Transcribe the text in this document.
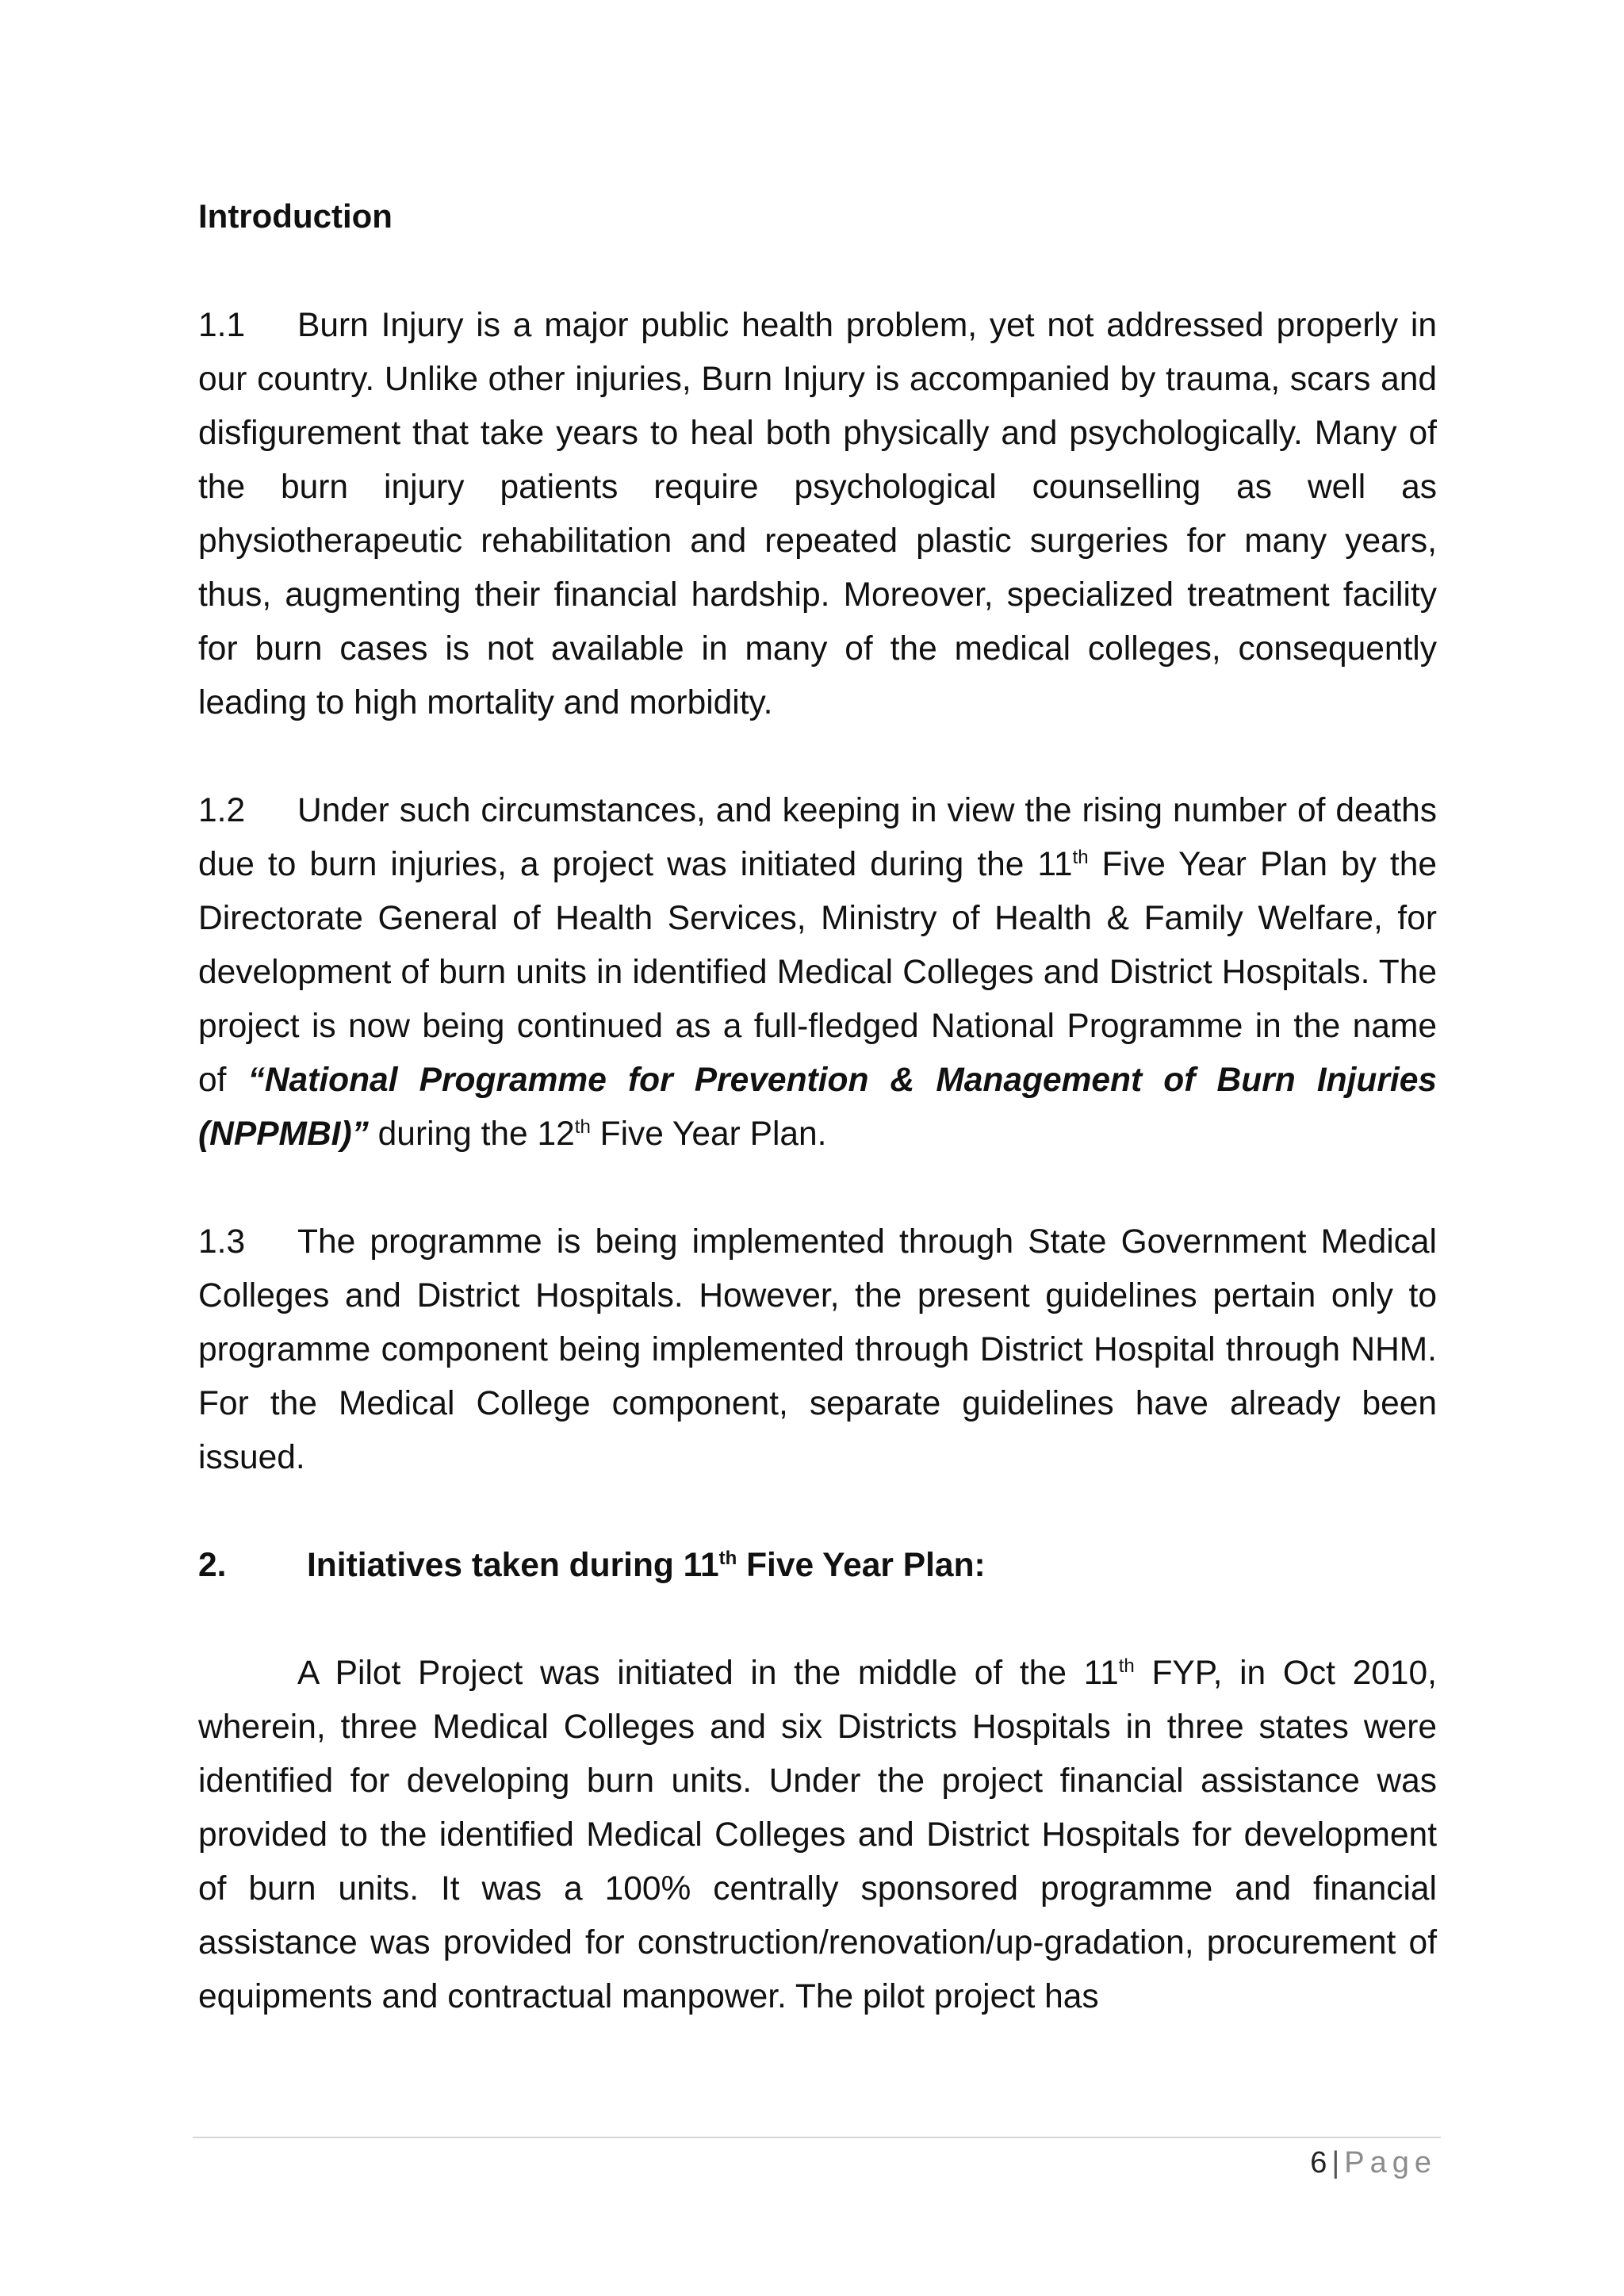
Introduction

1.1 Burn Injury is a major public health problem, yet not addressed properly in our country. Unlike other injuries, Burn Injury is accompanied by trauma, scars and disfigurement that take years to heal both physically and psychologically. Many of the burn injury patients require psychological counselling as well as physiotherapeutic rehabilitation and repeated plastic surgeries for many years, thus, augmenting their financial hardship. Moreover, specialized treatment facility for burn cases is not available in many of the medical colleges, consequently leading to high mortality and morbidity.

1.2 Under such circumstances, and keeping in view the rising number of deaths due to burn injuries, a project was initiated during the 11th Five Year Plan by the Directorate General of Health Services, Ministry of Health & Family Welfare, for development of burn units in identified Medical Colleges and District Hospitals. The project is now being continued as a full-fledged National Programme in the name of “National Programme for Prevention & Management of Burn Injuries (NPPMBI)” during the 12th Five Year Plan.

1.3 The programme is being implemented through State Government Medical Colleges and District Hospitals. However, the present guidelines pertain only to programme component being implemented through District Hospital through NHM. For the Medical College component, separate guidelines have already been issued.

2. Initiatives taken during 11th Five Year Plan:

A Pilot Project was initiated in the middle of the 11th FYP, in Oct 2010, wherein, three Medical Colleges and six Districts Hospitals in three states were identified for developing burn units. Under the project financial assistance was provided to the identified Medical Colleges and District Hospitals for development of burn units. It was a 100% centrally sponsored programme and financial assistance was provided for construction/renovation/up-gradation, procurement of equipments and contractual manpower. The pilot project has

6 | Page
